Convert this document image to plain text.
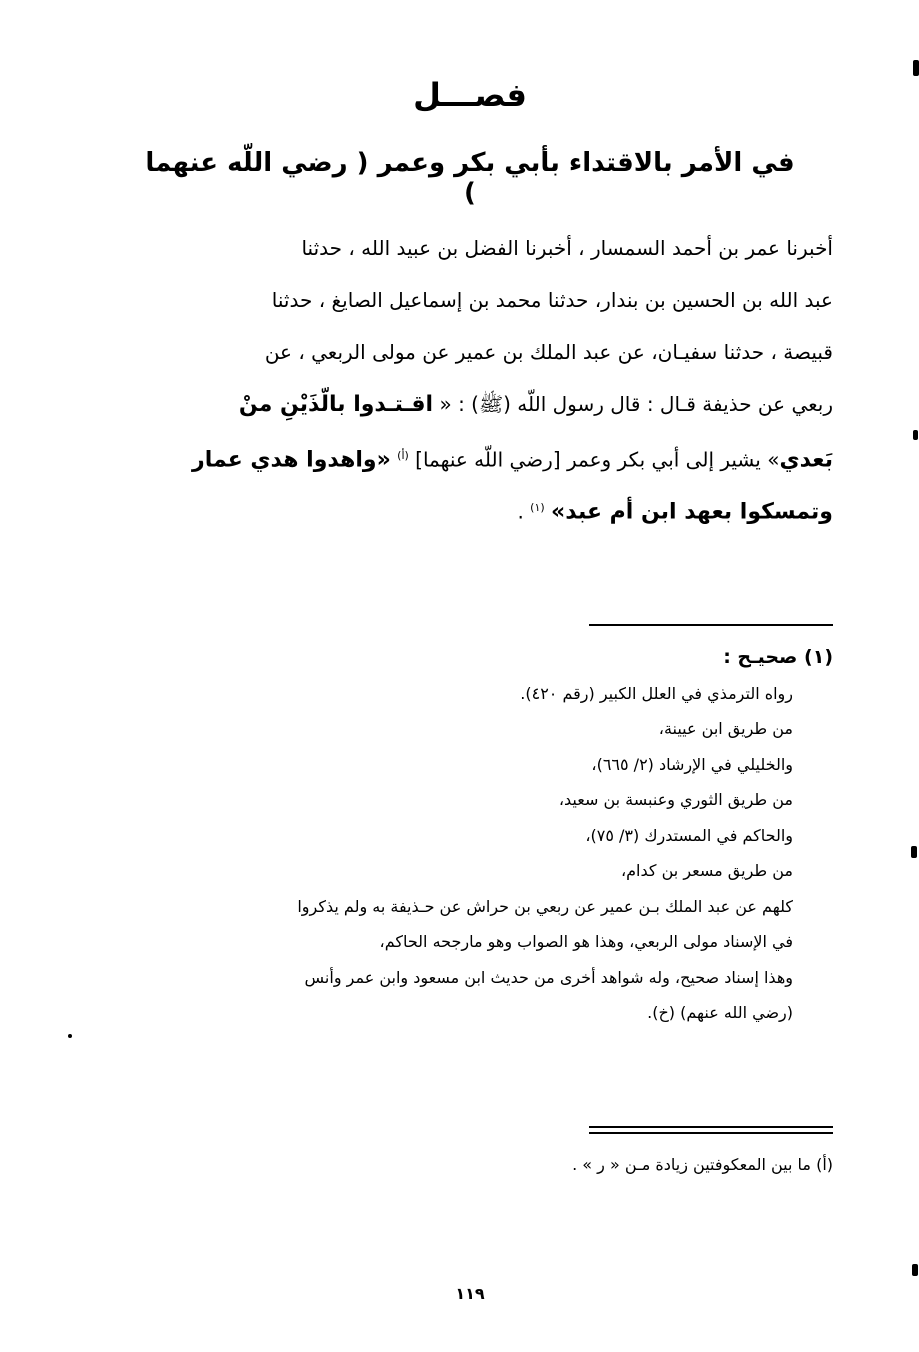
فصـــل
في الأمر بالاقتداء بأبي بكر وعمر ( رضي اللّه عنهما )
أخبرنا عمر بن أحمد السمسار ، أخبرنا الفضل بن عبيد الله ، حدثنا
عبد الله بن الحسين بن بندار، حدثنا محمد بن إسماعيل الصايغ ، حدثنا
قبيصة ، حدثنا سفيـان، عن عبد الملك بن عمير عن مولى الربعي ، عن
ربعي عن حذيفة قـال : قال رسول اللّه (ﷺ) : « اقـتـدوا بالّذَيْنِ منْ
بَعدي» يشير إلى أبي بكر وعمر [رضي اللّه عنهما] $^{(أ)}$ «واهدوا هدي عمار
وتمسكوا بعهد ابن أم عبد» $^{(١)}$ .
(١) صحيـح :
رواه الترمذي في العلل الكبير (رقم ٤٢٠).
من طريق ابن عيينة،
والخليلي في الإرشاد (٢/ ٦٦٥)،
من طريق الثوري وعنبسة بن سعيد،
والحاكم في المستدرك (٣/ ٧٥)،
من طريق مسعر بن كدام،
كلهم عن عبد الملك بـن عمير عن ربعي بن حراش عن حـذيفة به ولم يذكروا
في الإسناد مولى الربعي، وهذا هو الصواب وهو مارجحه الحاكم،
وهذا إسناد صحيح، وله شواهد أخرى من حديث ابن مسعود وابن عمر وأنس
(رضي الله عنهم) (خ).
(أ) ما بين المعكوفتين زيادة مـن « ر » .
١١٩
